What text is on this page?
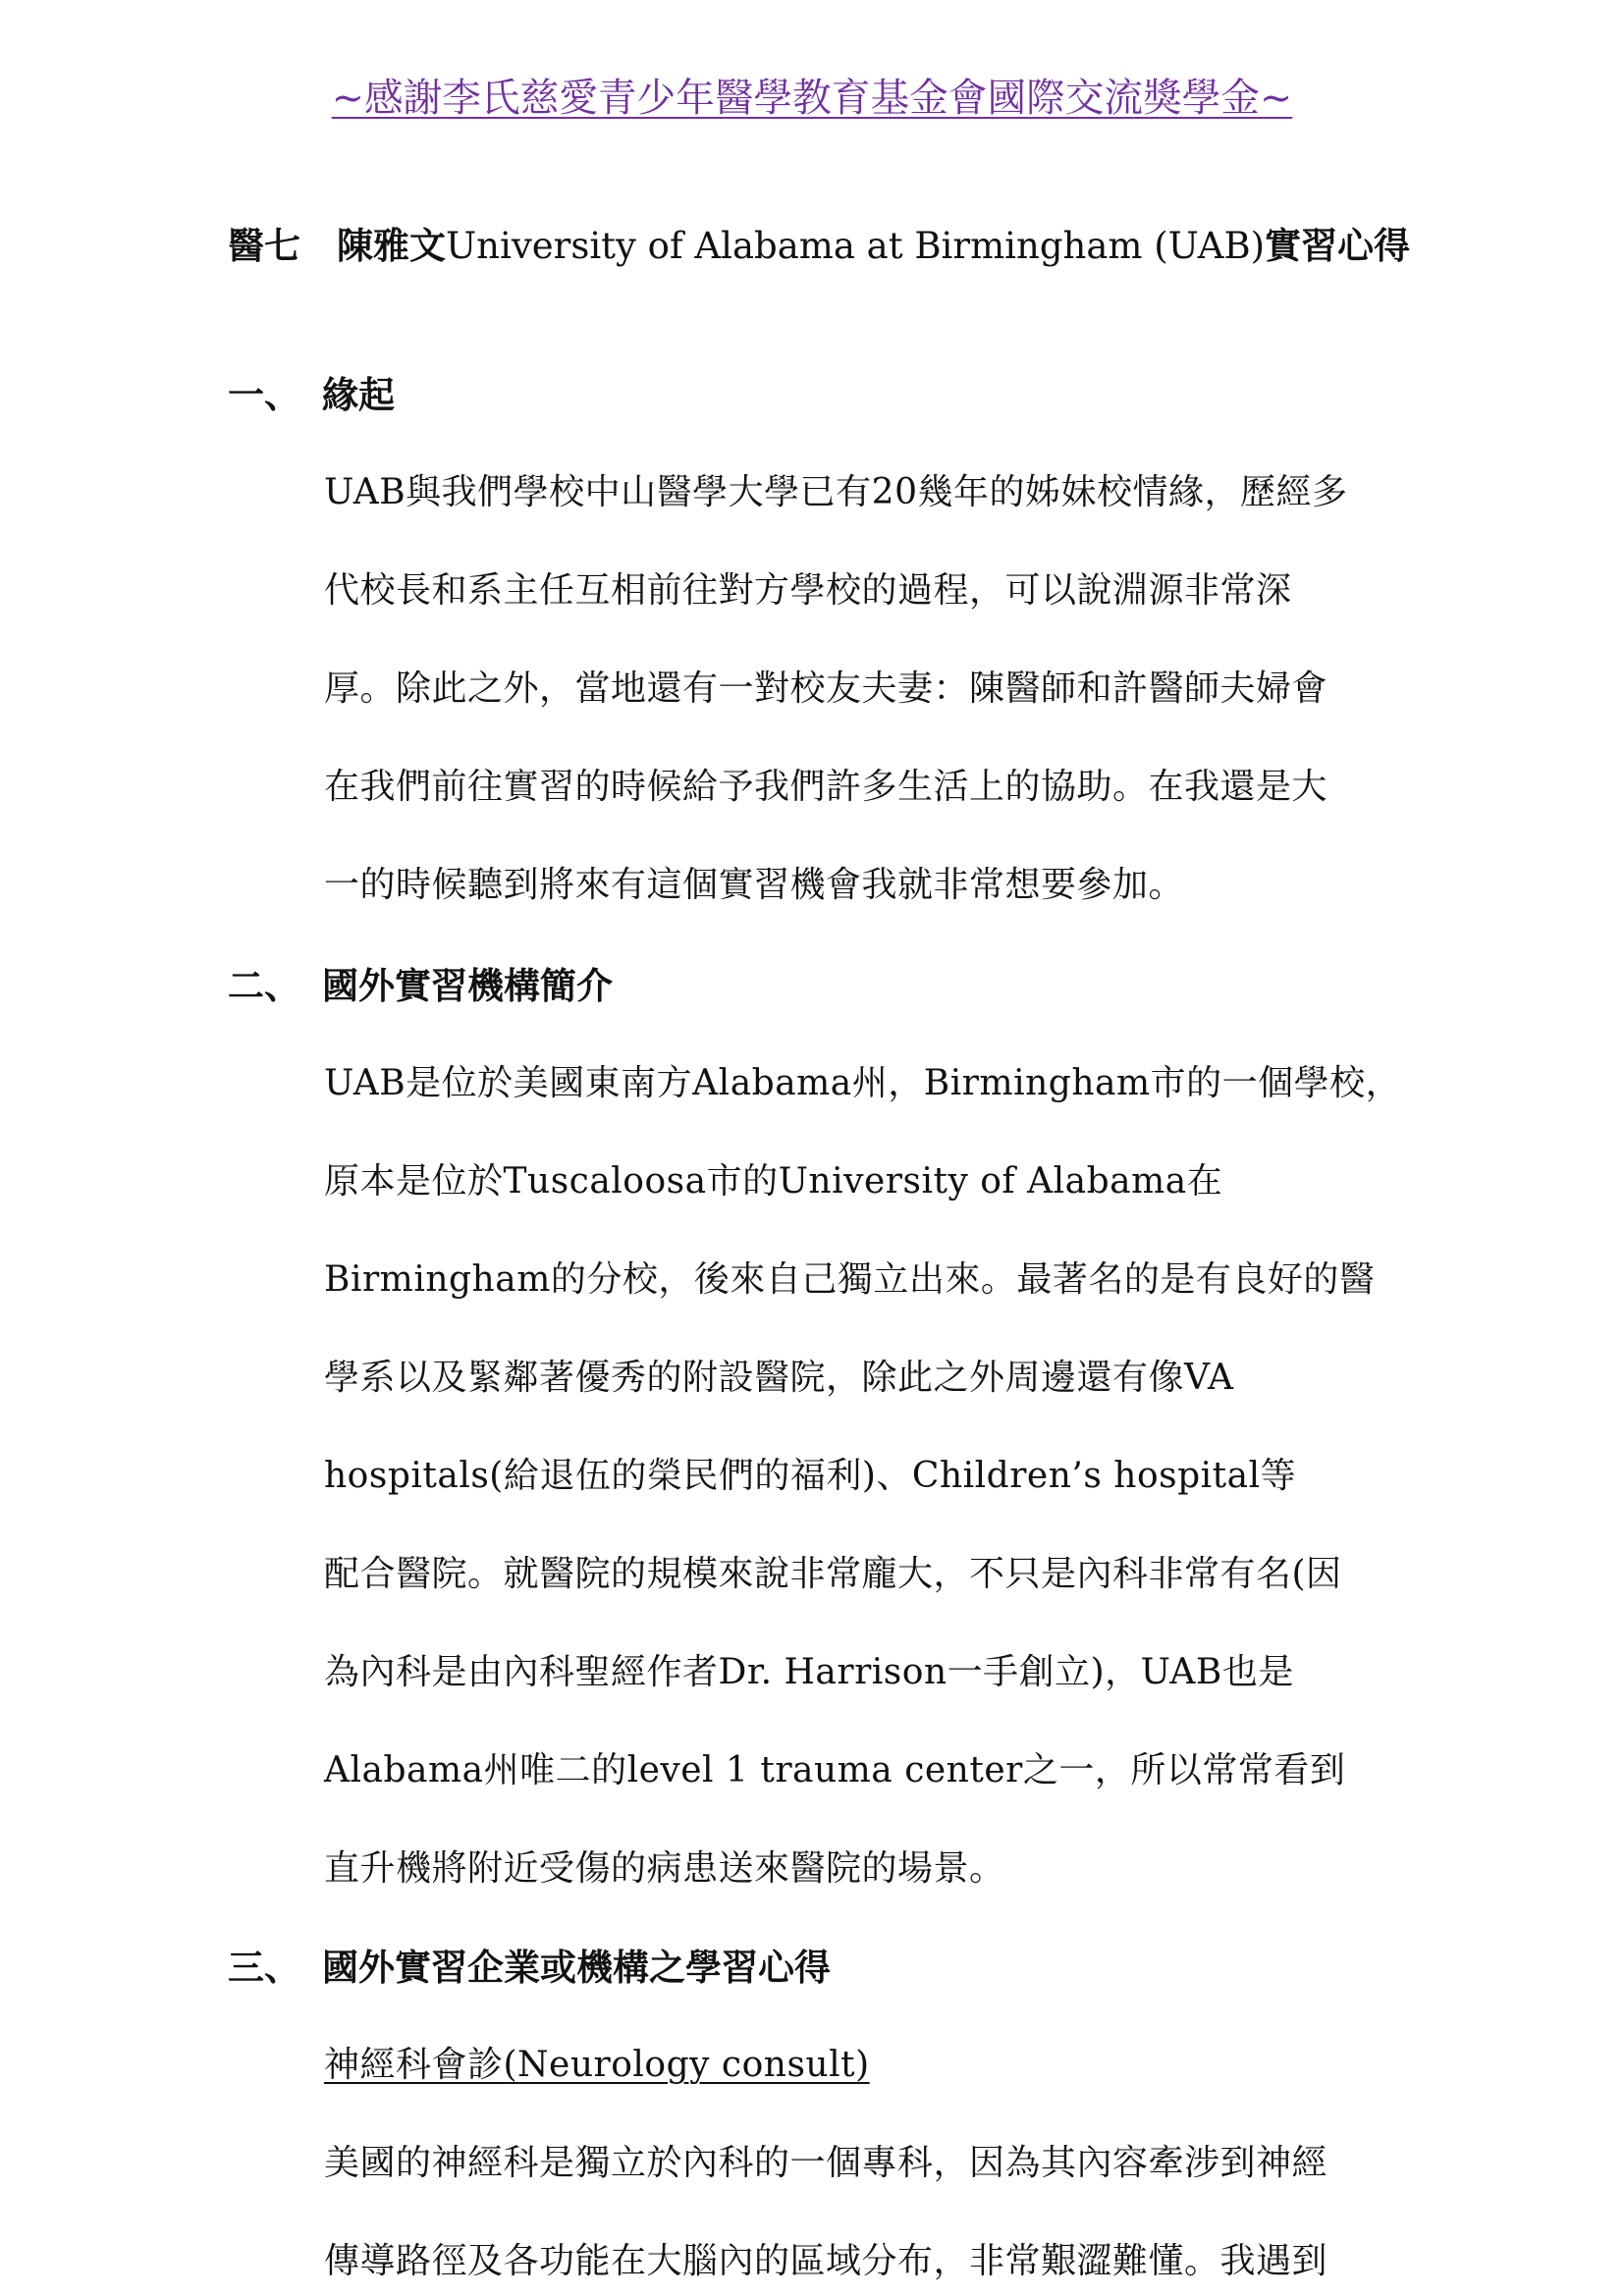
~感謝李氏慈愛青少年醫學教育基金會國際交流獎學金~
醫七　陳雅文University of Alabama at Birmingham (UAB)實習心得
一、 緣起
UAB與我們學校中山醫學大學已有20幾年的姊妹校情緣，歷經多
代校長和系主任互相前往對方學校的過程，可以說淵源非常深
厚。除此之外，當地還有一對校友夫妻：陳醫師和許醫師夫婦會
在我們前往實習的時候給予我們許多生活上的協助。在我還是大
一的時候聽到將來有這個實習機會我就非常想要參加。
二、 國外實習機構簡介
UAB是位於美國東南方Alabama州，Birmingham市的一個學校，
原本是位於Tuscaloosa市的University of Alabama在
Birmingham的分校，後來自己獨立出來。最著名的是有良好的醫
學系以及緊鄰著優秀的附設醫院，除此之外周邊還有像VA
hospitals(給退伍的榮民們的福利)、Children’s hospital等
配合醫院。就醫院的規模來說非常龐大，不只是內科非常有名(因
為內科是由內科聖經作者Dr. Harrison一手創立)，UAB也是
Alabama州唯二的level 1 trauma center之一，所以常常看到
直升機將附近受傷的病患送來醫院的場景。
三、 國外實習企業或機構之學習心得
神經科會診(Neurology consult)
美國的神經科是獨立於內科的一個專科，因為其內容牽涉到神經
傳導路徑及各功能在大腦內的區域分布，非常艱澀難懂。我遇到
